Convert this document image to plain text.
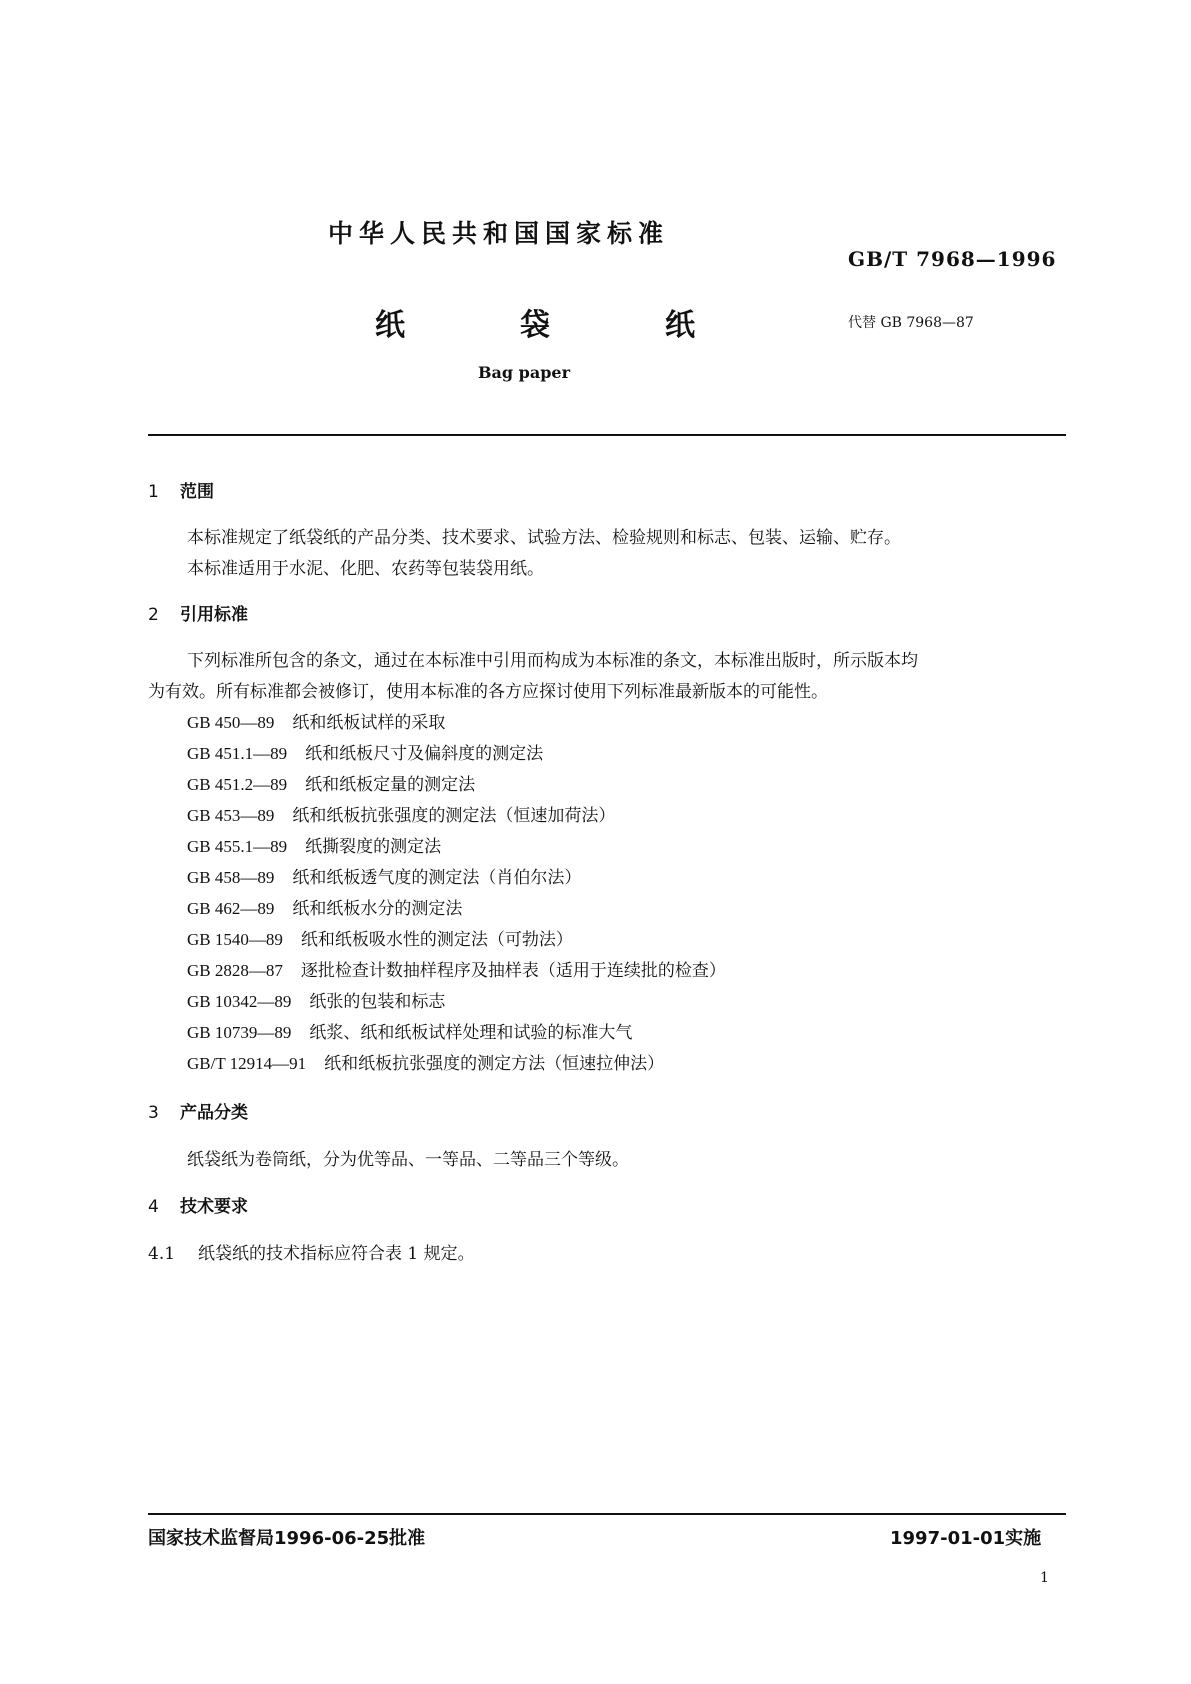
中华人民共和国国家标准
GB/T 7968—1996
纸	袋	纸	代替 GB 7968—87
Bag paper
1 范围
本标准规定了纸袋纸的产品分类、技术要求、试验方法、检验规则和标志、包装、运输、贮存。
本标准适用于水泥、化肥、农药等包装袋用纸。
2 引用标准
下列标准所包含的条文，通过在本标准中引用而构成为本标准的条文，本标准出版时，所示版本均
为有效。所有标准都会被修订，使用本标准的各方应探讨使用下列标准最新版本的可能性。
GB 450—89 纸和纸板试样的采取
GB 451.1—89 纸和纸板尺寸及偏斜度的测定法
GB 451.2—89 纸和纸板定量的测定法
GB 453—89 纸和纸板抗张强度的测定法（恒速加荷法）
GB 455.1—89 纸撕裂度的测定法
GB 458—89 纸和纸板透气度的测定法（肖伯尔法）
GB 462—89 纸和纸板水分的测定法
GB 1540—89 纸和纸板吸水性的测定法（可勃法）
GB 2828—87 逐批检查计数抽样程序及抽样表（适用于连续批的检查）
GB 10342—89 纸张的包装和标志
GB 10739—89 纸浆、纸和纸板试样处理和试验的标准大气
GB/T 12914—91 纸和纸板抗张强度的测定方法（恒速拉伸法）
3 产品分类
纸袋纸为卷筒纸，分为优等品、一等品、二等品三个等级。
4 技术要求
4.1 纸袋纸的技术指标应符合表 1 规定。
国家技术监督局1996-06-25批准	1997-01-01实施
1
